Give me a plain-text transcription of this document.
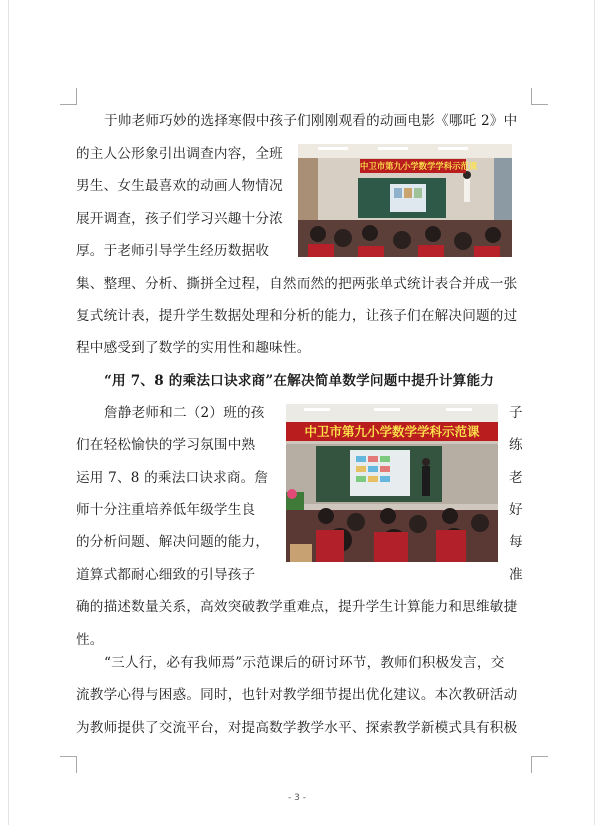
于帅老师巧妙的选择寒假中孩子们刚刚观看的动画电影《哪吒 2》中
的主人公形象引出调查内容，全班
男生、女生最喜欢的动画人物情况
展开调查，孩子们学习兴趣十分浓
厚。于老师引导学生经历数据收
集、整理、分析、撕拼全过程，自然而然的把两张单式统计表合并成一张
复式统计表，提升学生数据处理和分析的能力，让孩子们在解决问题的过
程中感受到了数学的实用性和趣味性。
中卫市第九小学数学学科示范课
“用 7、8 的乘法口诀求商”在解决简单数学问题中提升计算能力
詹静老师和二（2）班的孩
们在轻松愉快的学习氛围中熟
运用 7、8 的乘法口诀求商。詹
师十分注重培养低年级学生良
的分析问题、解决问题的能力，
道算式都耐心细致的引导孩子
子
练
老
好
每
准
确的描述数量关系，高效突破教学重难点，提升学生计算能力和思维敏捷
性。
中卫市第九小学数学学科示范课
“三人行，必有我师焉”示范课后的研讨环节，教师们积极发言，交
流教学心得与困惑。同时，也针对教学细节提出优化建议。本次教研活动
为教师提供了交流平台，对提高数学教学水平、探索教学新模式具有积极
- 3 -
